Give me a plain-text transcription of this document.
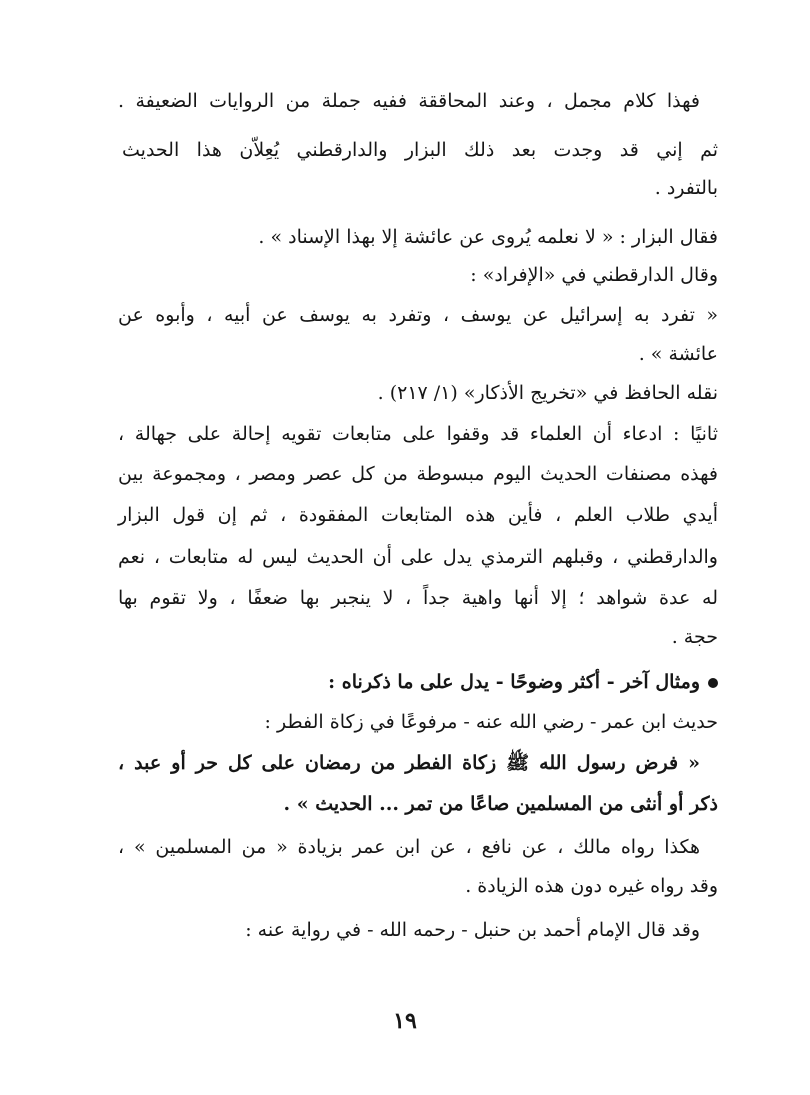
فهذا كلام مجمل ، وعند المحاققة ففيه جملة من الروايات الضعيفة .
ثم إني قد وجدت بعد ذلك البزار والدارقطني يُعِلاّن هذا الحديث
بالتفرد .
فقال البزار : « لا نعلمه يُروى عن عائشة إلا بهذا الإسناد » .
وقال الدارقطني في «الإفراد» :
« تفرد به إسرائيل عن يوسف ، وتفرد به يوسف عن أبيه ، وأبوه عن
عائشة » .
نقله الحافظ في «تخريج الأذكار» (١/ ٢١٧) .
ثانيًا : ادعاء أن العلماء قد وقفوا على متابعات تقويه إحالة على جهالة ،
فهذه مصنفات الحديث اليوم مبسوطة من كل عصر ومصر ، ومجموعة بين
أيدي طلاب العلم ، فأين هذه المتابعات المفقودة ، ثم إن قول البزار
والدارقطني ، وقبلهم الترمذي يدل على أن الحديث ليس له متابعات ، نعم
له عدة شواهد ؛ إلا أنها واهية جداً ، لا ينجبر بها ضعفًا ، ولا تقوم بها
حجة .
ومثال آخر - أكثر وضوحًا - يدل على ما ذكرناه :
حديث ابن عمر - رضي الله عنه - مرفوعًا في زكاة الفطر :
« فرض رسول الله ﷺ زكاة الفطر من رمضان على كل حر أو عبد ،
ذكر أو أنثى من المسلمين صاعًا من تمر ... الحديث » .
هكذا رواه مالك ، عن نافع ، عن ابن عمر بزيادة « من المسلمين » ،
وقد رواه غيره دون هذه الزيادة .
وقد قال الإمام أحمد بن حنبل - رحمه الله - في رواية عنه :
١٩
